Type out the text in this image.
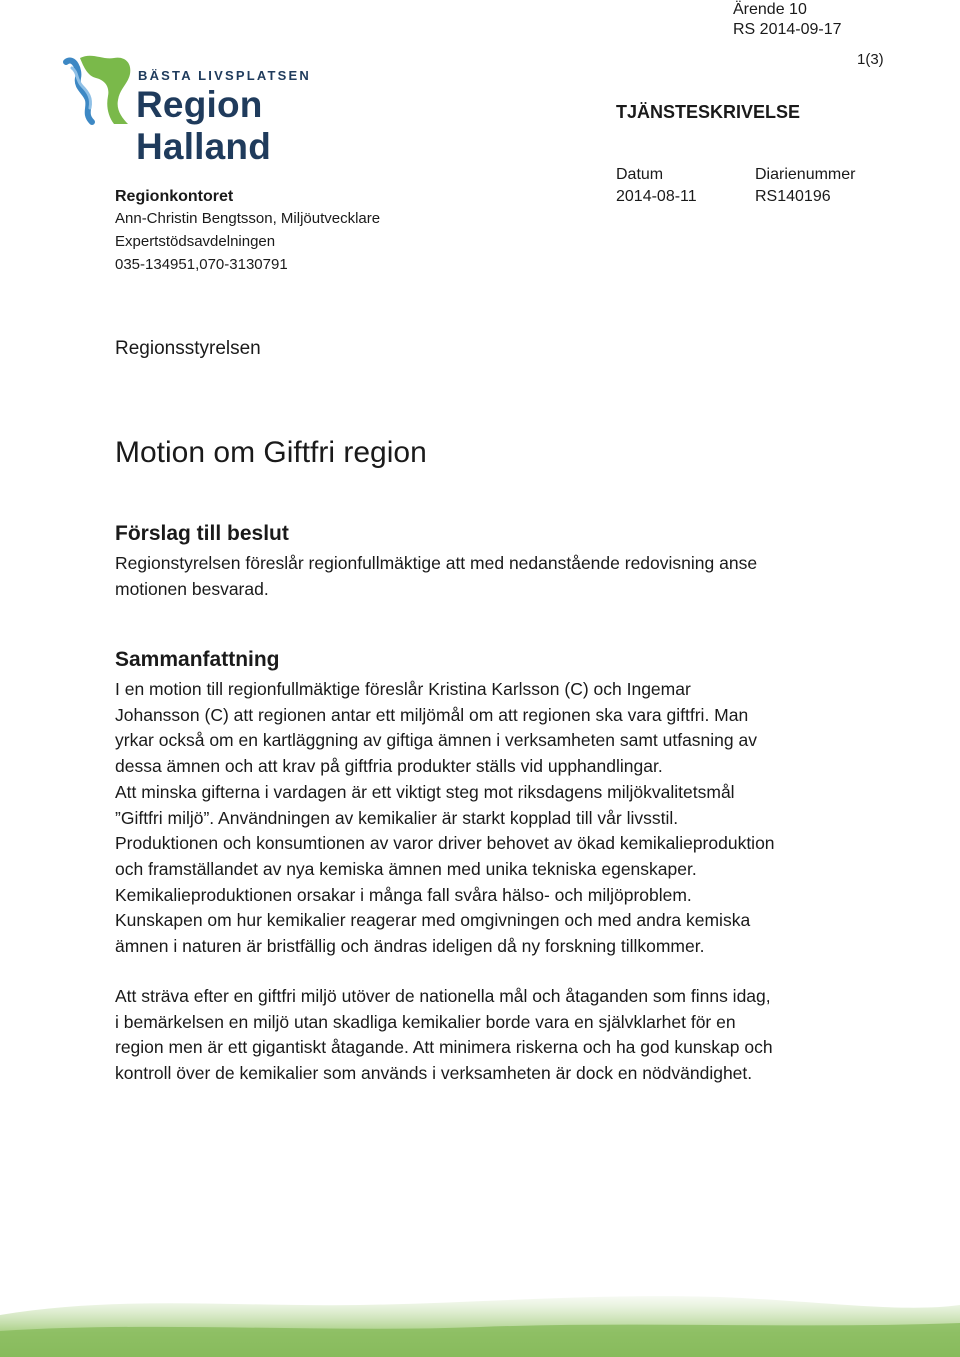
Ärende 10
RS 2014-09-17
1(3)
TJÄNSTESKRIVELSE
BÄSTA LIVSPLATSEN
Region Halland
Datum
2014-08-11
Diarienummer
RS140196
Regionkontoret
Ann-Christin Bengtsson, Miljöutvecklare
Expertstödsavdelningen
035-134951,070-3130791
Regionsstyrelsen
Motion om Giftfri region
Förslag till beslut

Regionstyrelsen föreslår regionfullmäktige att med nedanstående redovisning anse

motionen besvarad.

Sammanfattning

I en motion till regionfullmäktige föreslår Kristina Karlsson (C) och Ingemar

Johansson (C) att regionen antar ett miljömål om att regionen ska vara giftfri. Man

yrkar också om en kartläggning av giftiga ämnen i verksamheten samt utfasning av

dessa ämnen och att krav på giftfria produkter ställs vid upphandlingar.

Att minska gifterna i vardagen är ett viktigt steg mot riksdagens miljökvalitetsmål

”Giftfri miljö”. Användningen av kemikalier är starkt kopplad till vår livsstil.

Produktionen och konsumtionen av varor driver behovet av ökad kemikalieproduktion

och framställandet av nya kemiska ämnen med unika tekniska egenskaper.

Kemikalieproduktionen orsakar i många fall svåra hälso- och miljöproblem.

Kunskapen om hur kemikalier reagerar med omgivningen och med andra kemiska

ämnen i naturen är bristfällig och ändras ideligen då ny forskning tillkommer.

Att sträva efter en giftfri miljö utöver de nationella mål och åtaganden som finns idag,

i bemärkelsen en miljö utan skadliga kemikalier borde vara en självklarhet för en

region men är ett gigantiskt åtagande. Att minimera riskerna och ha god kunskap och

kontroll över de kemikalier som används i verksamheten är dock en nödvändighet.
